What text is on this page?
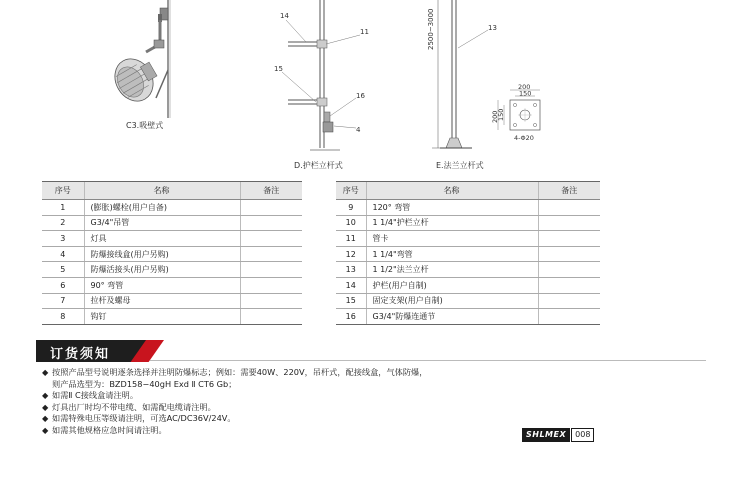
C3.吸壁式
14
11
15
16
4
D.护栏立杆式
2500~3000	13
200
150
200
150
4-Φ20
E.法兰立杆式
序号	名称	备注
1	(膨胀)螺栓(用户自备)	
2	G3/4"吊管	
3	灯具	
4	防爆接线盒(用户另购)	
5	防爆活接头(用户另购)	
6	90° 弯管	
7	拉杆及螺母	
8	钩钉	
序号	名称	备注
9	120° 弯管	
10	1 1/4"护栏立杆	
11	管卡	
12	1 1/4"弯管	
13	1 1/2"法兰立杆	
14	护栏(用户自制)	
15	固定支架(用户自制)	
16	G3/4"防爆连通节	
订货须知
◆ 按照产品型号说明逐条选择并注明防爆标志；例如：需要40W、220V，吊杆式，配接线盒，气体防爆，
则产品选型为：BZD158−40gH Exd Ⅱ CT6 Gb；
◆ 如需Ⅱ C接线盒请注明。
◆ 灯具出厂时均不带电缆、如需配电缆请注明。
◆ 如需特殊电压等级请注明，可选AC/DC36V/24V。
◆ 如需其他规格应急时间请注明。	SHLMEX	008
